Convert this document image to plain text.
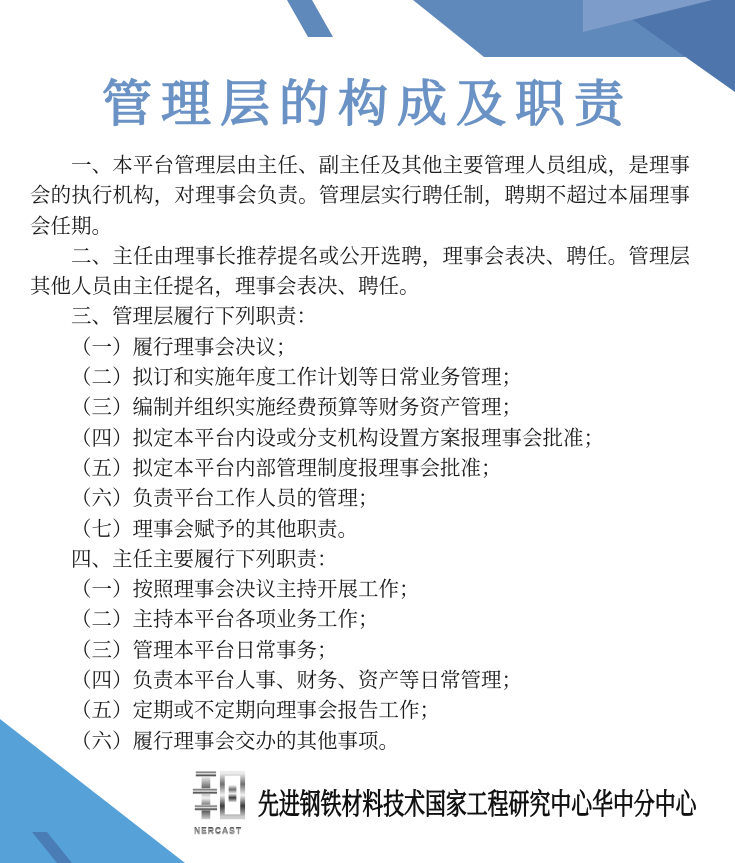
管理层的构成及职责

一、本平台管理层由主任、副主任及其他主要管理人员组成，是理事会的执行机构，对理事会负责。管理层实行聘任制，聘期不超过本届理事会任期。

二、主任由理事长推荐提名或公开选聘，理事会表决、聘任。管理层其他人员由主任提名，理事会表决、聘任。

三、管理层履行下列职责：

（一）履行理事会决议；

（二）拟订和实施年度工作计划等日常业务管理；

（三）编制并组织实施经费预算等财务资产管理；

（四）拟定本平台内设或分支机构设置方案报理事会批准；

（五）拟定本平台内部管理制度报理事会批准；

（六）负责平台工作人员的管理；

（七）理事会赋予的其他职责。

四、主任主要履行下列职责：

（一）按照理事会决议主持开展工作；

（二）主持本平台各项业务工作；

（三）管理本平台日常事务；

（四）负责本平台人事、财务、资产等日常管理；

（五）定期或不定期向理事会报告工作；

（六）履行理事会交办的其他事项。

NERCAST
先进钢铁材料技术国家工程研究中心华中分中心
